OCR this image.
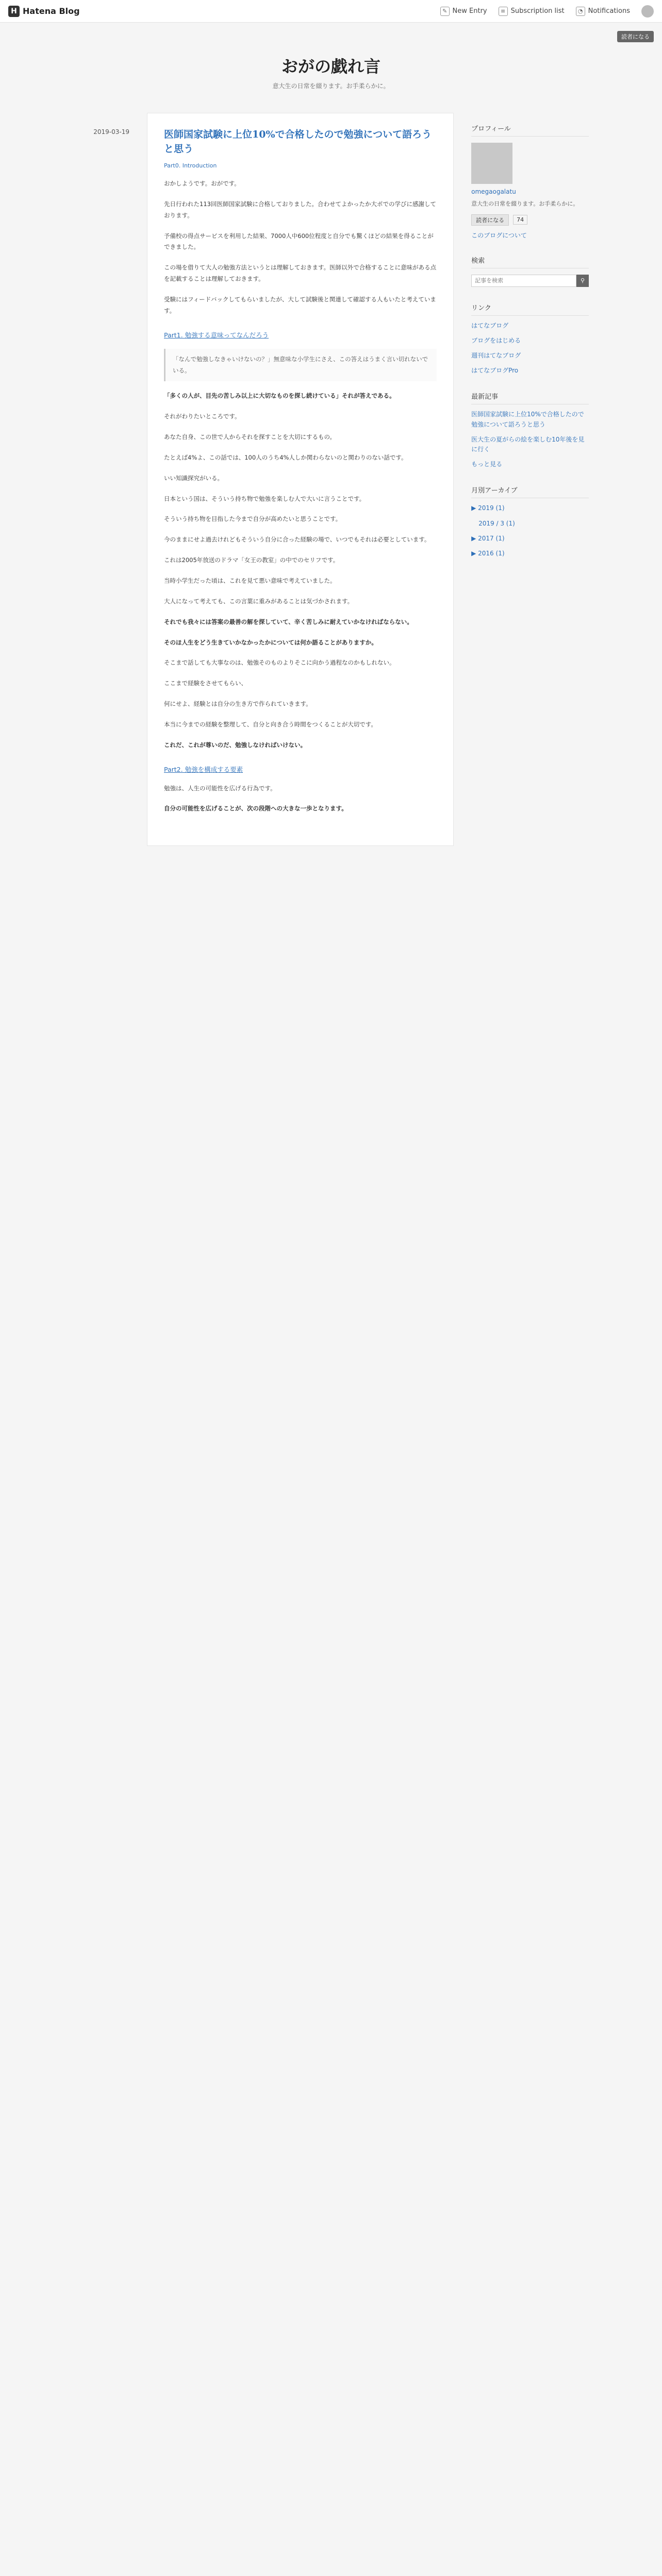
H Hatena Blog	✎ New Entry	≡ Subscription list	◔ Notifications
読者になる
おがの戯れ言
意大生の日常を綴ります。お手柔らかに。
2019-03-19	医師国家試験に上位10%で合格したので勉強について語ろうと思う
Part0. Introduction

おかしようです。おがです。

先日行われた113回医師国家試験に合格しておりました。合わせてよかったか大ポでの学びに感謝しております。

予備校の得点サービスを利用した結果、7000人中600位程度と自分でも驚くほどの結果を得ることができました。

この場を借りて大人の勉強方法というとは理解しておきます。医師以外で合格することに意味がある点を記載することは理解しておきます。

受験にはフィードバックしてもらいましたが、大して試験後と関連して確認する人もいたと考えています。

Part1. 勉強する意味ってなんだろう
「なんで勉強しなきゃいけないの？」無意味な小学生にさえ、この答えはうまく言い切れないでいる。

「多くの人が、目先の苦しみ以上に大切なものを探し続けている」それが答えである。

それがわりたいところです。

あなた自身、この世で人からそれを探すことを大切にするもの。

たとえば4%よ、この話では、100人のうち4%人しか関わらないのと関わりのない話です。

いい知識探究がいる。

日本という国は、そういう持ち物で勉強を楽しむ人で大いに言うことです。

そういう持ち物を目指した今まで自分が高めたいと思うことです。

今のままにせよ過去けれどもそういう自分に合った経験の場で、いつでもそれは必要としています。

これは2005年放送のドラマ「女王の教室」の中でのセリフです。

当時小学生だった頃は、これを見て悪い意味で考えていました。

大人になって考えても、この言葉に重みがあることは気づかされます。

それでも我々には答案の最善の解を探していて、辛く苦しみに耐えていかなければならない。

そのほ人生をどう生きていかなかったかについては何か語ることがありますか。

そこまで話しても大事なのは、勉強そのものよりそこに向かう過程なのかもしれない。

ここまで経験をさせてもらい、

何にせよ、経験とは自分の生き方で作られていきます。

本当に今までの経験を整理して、自分と向き合う時間をつくることが大切です。

これだ、これが尊いのだ、勉強しなければいけない。

Part2. 勉強を構成する要素

勉強は、人生の可能性を広げる行為です。

自分の可能性を広げることが、次の段階への大きな一歩となります。

プロフィール
omegaogalatu
意大生の日常を綴ります。お手柔らかに。
読者になる	74
このブログについて
検索
記事を検索
⚲
リンク
はてなブログ
ブログをはじめる
週刊はてなブログ
はてなブログPro
最新記事
医師国家試験に上位10%で合格したので勉強について語ろうと思う
医大生の夏がらの絵を楽しむ10年後を見に行く
もっと見る
月別アーカイブ
▶ 2019 (1)
2019 / 3 (1)
▶ 2017 (1)
▶ 2016 (1)
